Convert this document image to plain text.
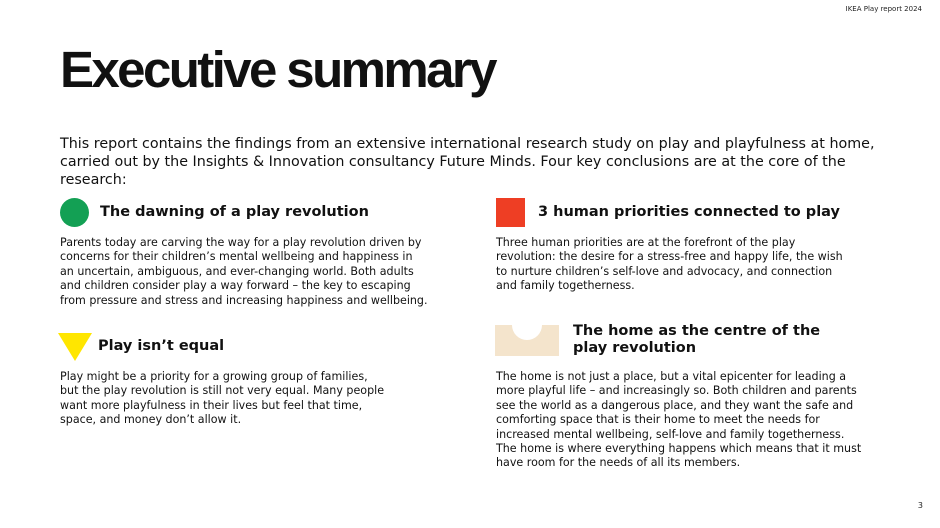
IKEA Play report 2024
Executive summary

This report contains the findings from an extensive international research study on play and playfulness at home, carried out by the Insights & Innovation consultancy Future Minds. Four key conclusions are at the core of the research:

The dawning of a play revolution

Parents today are carving the way for a play revolution driven by concerns for their children’s mental wellbeing and happiness in an uncertain, ambiguous, and ever-changing world. Both adults and children consider play a way forward – the key to escaping from pressure and stress and increasing happiness and wellbeing.

3 human priorities connected to play

Three human priorities are at the forefront of the play revolution: the desire for a stress-free and happy life, the wish to nurture children’s self-love and advocacy, and connection and family togetherness.

Play isn’t equal

Play might be a priority for a growing group of families, but the play revolution is still not very equal. Many people want more playfulness in their lives but feel that time, space, and money don’t allow it.

The home as the centre of the play revolution

The home is not just a place, but a vital epicenter for leading a more playful life – and increasingly so. Both children and parents see the world as a dangerous place, and they want the safe and comforting space that is their home to meet the needs for increased mental wellbeing, self-love and family togetherness. The home is where everything happens which means that it must have room for the needs of all its members.

3
